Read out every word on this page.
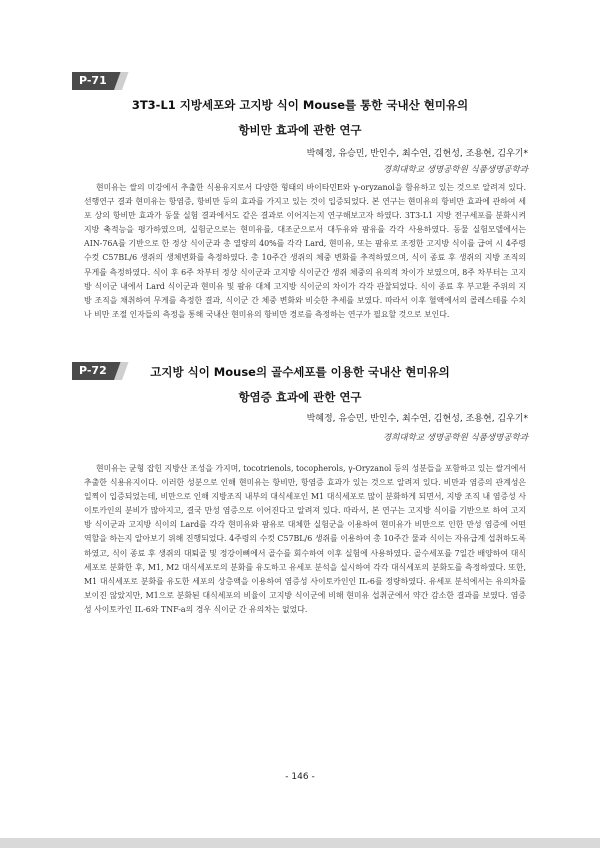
P-71
3T3-L1 지방세포와 고지방 식이 Mouse를 통한 국내산 현미유의
항비만 효과에 관한 연구
박혜정, 유승민, 반인수, 최수연, 김현성, 조용현, 김우기*
경희대학교 생명공학원 식품생명공학과

현미유는 쌀의 미강에서 추출한 식용유지로서 다양한 형태의 바이타민E와 γ-oryzanol을 함유하고 있는 것으로 알려져 있다. 선행연구 결과 현미유는 항염증, 항비만 등의 효과를 가지고 있는 것이 입증되었다. 본 연구는 현미유의 항비만 효과에 관하여 세포 상의 항비만 효과가 동물 실험 결과에서도 같은 결과로 이어지는지 연구해보고자 하였다. 3T3-L1 지방 전구세포를 분화시켜 지방 축적능을 평가하였으며, 실험군으로는 현미유를, 대조군으로서 대두유와 팜유를 각각 사용하였다. 동물 실험모델에서는 AIN-76A를 기반으로 한 정상 식이군과 총 열량의 40%를 각각 Lard, 현미유, 또는 팜유로 조정한 고지방 식이를 급여 시 4주령 수컷 C57BL/6 생쥐의 생체변화를 측정하였다. 총 10주간 생쥐의 체중 변화를 추적하였으며, 식이 종료 후 생쥐의 지방 조직의 무게를 측정하였다. 식이 후 6주 차부터 정상 식이군과 고지방 식이군간 생쥐 체중의 유의적 차이가 보였으며, 8주 차부터는 고지방 식이군 내에서 Lard 식이군과 현미유 및 팜유 대체 고지방 식이군의 차이가 각각 관찰되었다. 식이 종료 후 부고환 주위의 지방 조직을 채취하여 무게를 측정한 결과, 식이군 간 체중 변화와 비슷한 추세를 보였다. 따라서 이후 혈액에서의 콜레스테롤 수치나 비만 조절 인자들의 측정을 통해 국내산 현미유의 항비만 경로를 측정하는 연구가 필요할 것으로 보인다.

P-72	고지방 식이 Mouse의 골수세포를 이용한 국내산 현미유의
항염증 효과에 관한 연구
박혜정, 유승민, 반인수, 최수연, 김현성, 조용현, 김우기*
경희대학교 생명공학원 식품생명공학과

현미유는 균형 잡힌 지방산 조성을 가지며, tocotrienols, tocopherols, γ-Oryzanol 등의 성분들을 포함하고 있는 쌀겨에서 추출한 식용유지이다. 이러한 성분으로 인해 현미유는 항비만, 항염증 효과가 있는 것으로 알려져 있다. 비만과 염증의 관계성은 일찍이 입증되었는데, 비만으로 인해 지방조직 내부의 대식세포인 M1 대식세포로 많이 분화하게 되면서, 지방 조직 내 염증성 사이토카인의 분비가 많아지고, 결국 만성 염증으로 이어진다고 알려져 있다. 따라서, 본 연구는 고지방 식이를 기반으로 하여 고지방 식이군과 고지방 식이의 Lard를 각각 현미유와 팜유로 대체한 실험군을 이용하여 현미유가 비만으로 인한 만성 염증에 어떤 역할을 하는지 알아보기 위해 진행되었다. 4주령의 수컷 C57BL/6 생쥐를 이용하여 총 10주간 물과 식이는 자유급계 섭취하도록 하였고, 식이 종료 후 생쥐의 대퇴골 및 정강이뼈에서 골수를 회수하여 이후 실험에 사용하였다. 골수세포를 7일간 배양하여 대식세포로 분화한 후, M1, M2 대식세포로의 분화를 유도하고 유세포 분석을 실시하여 각각 대식세포의 분화도를 측정하였다. 또한, M1 대식세포로 분화를 유도한 세포의 상층액을 이용하여 염증성 사이토카인인 IL-6를 정량하였다. 유세포 분석에서는 유의차를 보이진 않았지만, M1으로 분화된 대식세포의 비율이 고지방 식이군에 비해 현미유 섭취군에서 약간 감소한 결과를 보였다. 염증성 사이토카인 IL-6와 TNF-a의 경우 식이군 간 유의차는 없었다.

- 146 -
